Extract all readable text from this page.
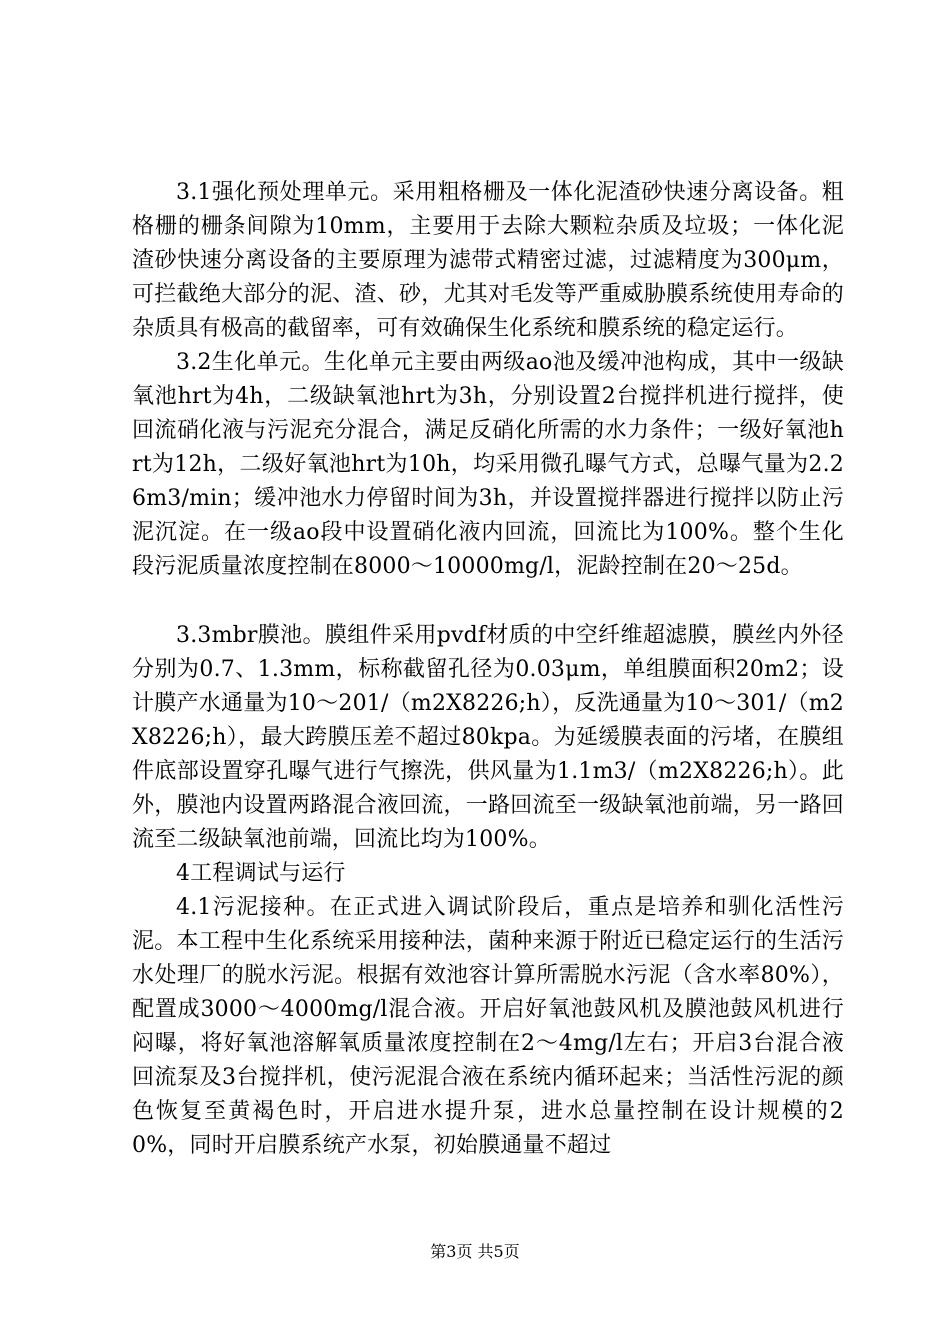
3.1强化预处理单元。采用粗格栅及一体化泥渣砂快速分离设备。粗格栅的栅条间隙为10mm，主要用于去除大颗粒杂质及垃圾；一体化泥渣砂快速分离设备的主要原理为滤带式精密过滤，过滤精度为300μm，可拦截绝大部分的泥、渣、砂，尤其对毛发等严重威胁膜系统使用寿命的杂质具有极高的截留率，可有效确保生化系统和膜系统的稳定运行。

3.2生化单元。生化单元主要由两级ao池及缓冲池构成，其中一级缺氧池hrt为4h，二级缺氧池hrt为3h，分别设置2台搅拌机进行搅拌，使回流硝化液与污泥充分混合，满足反硝化所需的水力条件；一级好氧池hrt为12h，二级好氧池hrt为10h，均采用微孔曝气方式，总曝气量为2.26m3/min；缓冲池水力停留时间为3h，并设置搅拌器进行搅拌以防止污泥沉淀。在一级ao段中设置硝化液内回流，回流比为100%。整个生化段污泥质量浓度控制在8000～10000mg/l，泥龄控制在20～25d。

3.3mbr膜池。膜组件采用pvdf材质的中空纤维超滤膜，膜丝内外径分别为0.7、1.3mm，标称截留孔径为0.03μm，单组膜面积20m2；设计膜产水通量为10～201/（m2X8226;h），反洗通量为10～301/（m2X8226;h），最大跨膜压差不超过80kpa。为延缓膜表面的污堵，在膜组件底部设置穿孔曝气进行气擦洗，供风量为1.1m3/（m2X8226;h）。此外，膜池内设置两路混合液回流，一路回流至一级缺氧池前端，另一路回流至二级缺氧池前端，回流比均为100%。

4工程调试与运行

4.1污泥接种。在正式进入调试阶段后，重点是培养和驯化活性污泥。本工程中生化系统采用接种法，菌种来源于附近已稳定运行的生活污水处理厂的脱水污泥。根据有效池容计算所需脱水污泥（含水率80%），配置成3000～4000mg/l混合液。开启好氧池鼓风机及膜池鼓风机进行闷曝，将好氧池溶解氧质量浓度控制在2～4mg/l左右；开启3台混合液回流泵及3台搅拌机，使污泥混合液在系统内循环起来；当活性污泥的颜色恢复至黄褐色时，开启进水提升泵，进水总量控制在设计规模的20%，同时开启膜系统产水泵，初始膜通量不超过

第3页 共5页
